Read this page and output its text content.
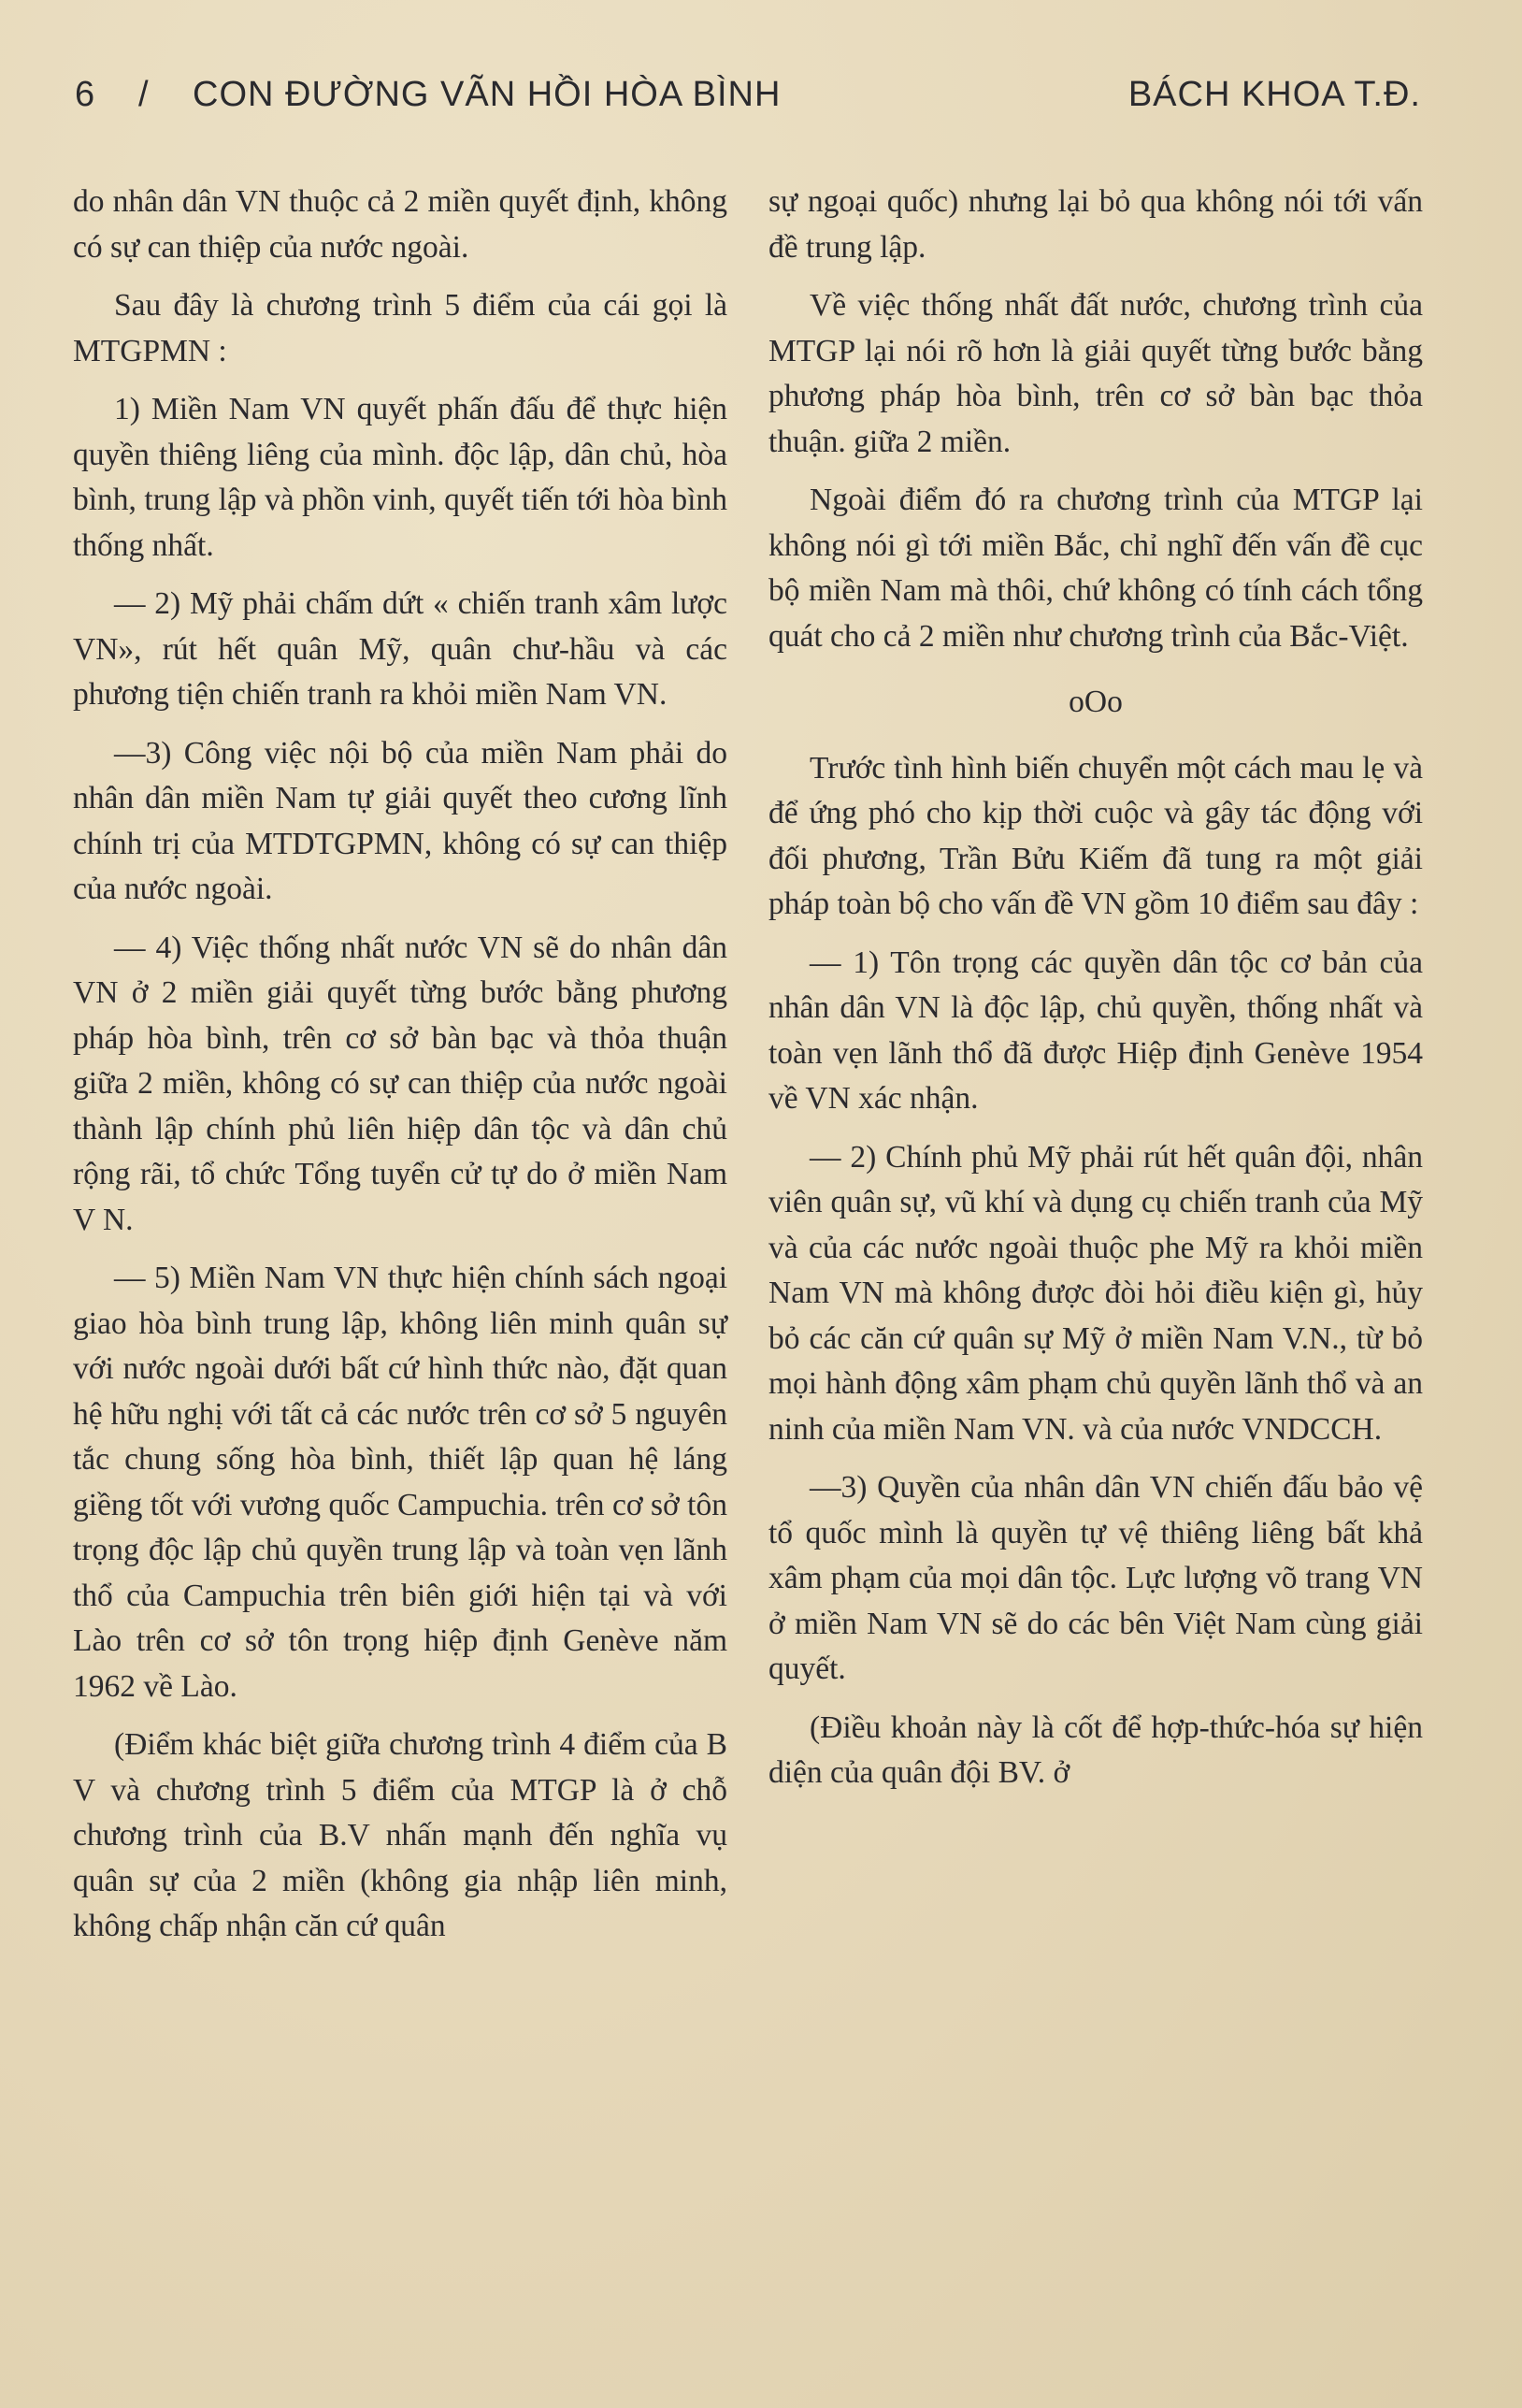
6 / CON ĐƯỜNG VÃN HỒI HÒA BÌNH	BÁCH KHOA T.Đ.

do nhân dân VN thuộc cả 2 miền quyết định, không có sự can thiệp của nước ngoài.

Sau đây là chương trình 5 điểm của cái gọi là MTGPMN :

1) Miền Nam VN quyết phấn đấu để thực hiện quyền thiêng liêng của mình. độc lập, dân chủ, hòa bình, trung lập và phồn vinh, quyết tiến tới hòa bình thống nhất.

— 2) Mỹ phải chấm dứt « chiến tranh xâm lược VN», rút hết quân Mỹ, quân chư-hầu và các phương tiện chiến tranh ra khỏi miền Nam VN.

—3) Công việc nội bộ của miền Nam phải do nhân dân miền Nam tự giải quyết theo cương lĩnh chính trị của MTDTGPMN, không có sự can thiệp của nước ngoài.

— 4) Việc thống nhất nước VN sẽ do nhân dân VN ở 2 miền giải quyết từng bước bằng phương pháp hòa bình, trên cơ sở bàn bạc và thỏa thuận giữa 2 miền, không có sự can thiệp của nước ngoài thành lập chính phủ liên hiệp dân tộc và dân chủ rộng rãi, tổ chức Tổng tuyển cử tự do ở miền Nam V N.

— 5) Miền Nam VN thực hiện chính sách ngoại giao hòa bình trung lập, không liên minh quân sự với nước ngoài dưới bất cứ hình thức nào, đặt quan hệ hữu nghị với tất cả các nước trên cơ sở 5 nguyên tắc chung sống hòa bình, thiết lập quan hệ láng giềng tốt với vương quốc Campuchia. trên cơ sở tôn trọng độc lập chủ quyền trung lập và toàn vẹn lãnh thổ của Campuchia trên biên giới hiện tại và với Lào trên cơ sở tôn trọng hiệp định Genève năm 1962 về Lào.

(Điểm khác biệt giữa chương trình 4 điểm của B V và chương trình 5 điểm của MTGP là ở chỗ chương trình của B.V nhấn mạnh đến nghĩa vụ quân sự của 2 miền (không gia nhập liên minh, không chấp nhận căn cứ quân

sự ngoại quốc) nhưng lại bỏ qua không nói tới vấn đề trung lập.

Về việc thống nhất đất nước, chương trình của MTGP lại nói rõ hơn là giải quyết từng bước bằng phương pháp hòa bình, trên cơ sở bàn bạc thỏa thuận. giữa 2 miền.

Ngoài điểm đó ra chương trình của MTGP lại không nói gì tới miền Bắc, chỉ nghĩ đến vấn đề cục bộ miền Nam mà thôi, chứ không có tính cách tổng quát cho cả 2 miền như chương trình của Bắc-Việt.

oOo

Trước tình hình biến chuyển một cách mau lẹ và để ứng phó cho kịp thời cuộc và gây tác động với đối phương, Trần Bửu Kiếm đã tung ra một giải pháp toàn bộ cho vấn đề VN gồm 10 điểm sau đây :

— 1) Tôn trọng các quyền dân tộc cơ bản của nhân dân VN là độc lập, chủ quyền, thống nhất và toàn vẹn lãnh thổ đã được Hiệp định Genève 1954 về VN xác nhận.

— 2) Chính phủ Mỹ phải rút hết quân đội, nhân viên quân sự, vũ khí và dụng cụ chiến tranh của Mỹ và của các nước ngoài thuộc phe Mỹ ra khỏi miền Nam VN mà không được đòi hỏi điều kiện gì, hủy bỏ các căn cứ quân sự Mỹ ở miền Nam V.N., từ bỏ mọi hành động xâm phạm chủ quyền lãnh thổ và an ninh của miền Nam VN. và của nước VNDCCH.

—3) Quyền của nhân dân VN chiến đấu bảo vệ tổ quốc mình là quyền tự vệ thiêng liêng bất khả xâm phạm của mọi dân tộc. Lực lượng võ trang VN ở miền Nam VN sẽ do các bên Việt Nam cùng giải quyết.

(Điều khoản này là cốt để hợp-thức-hóa sự hiện diện của quân đội BV. ở
